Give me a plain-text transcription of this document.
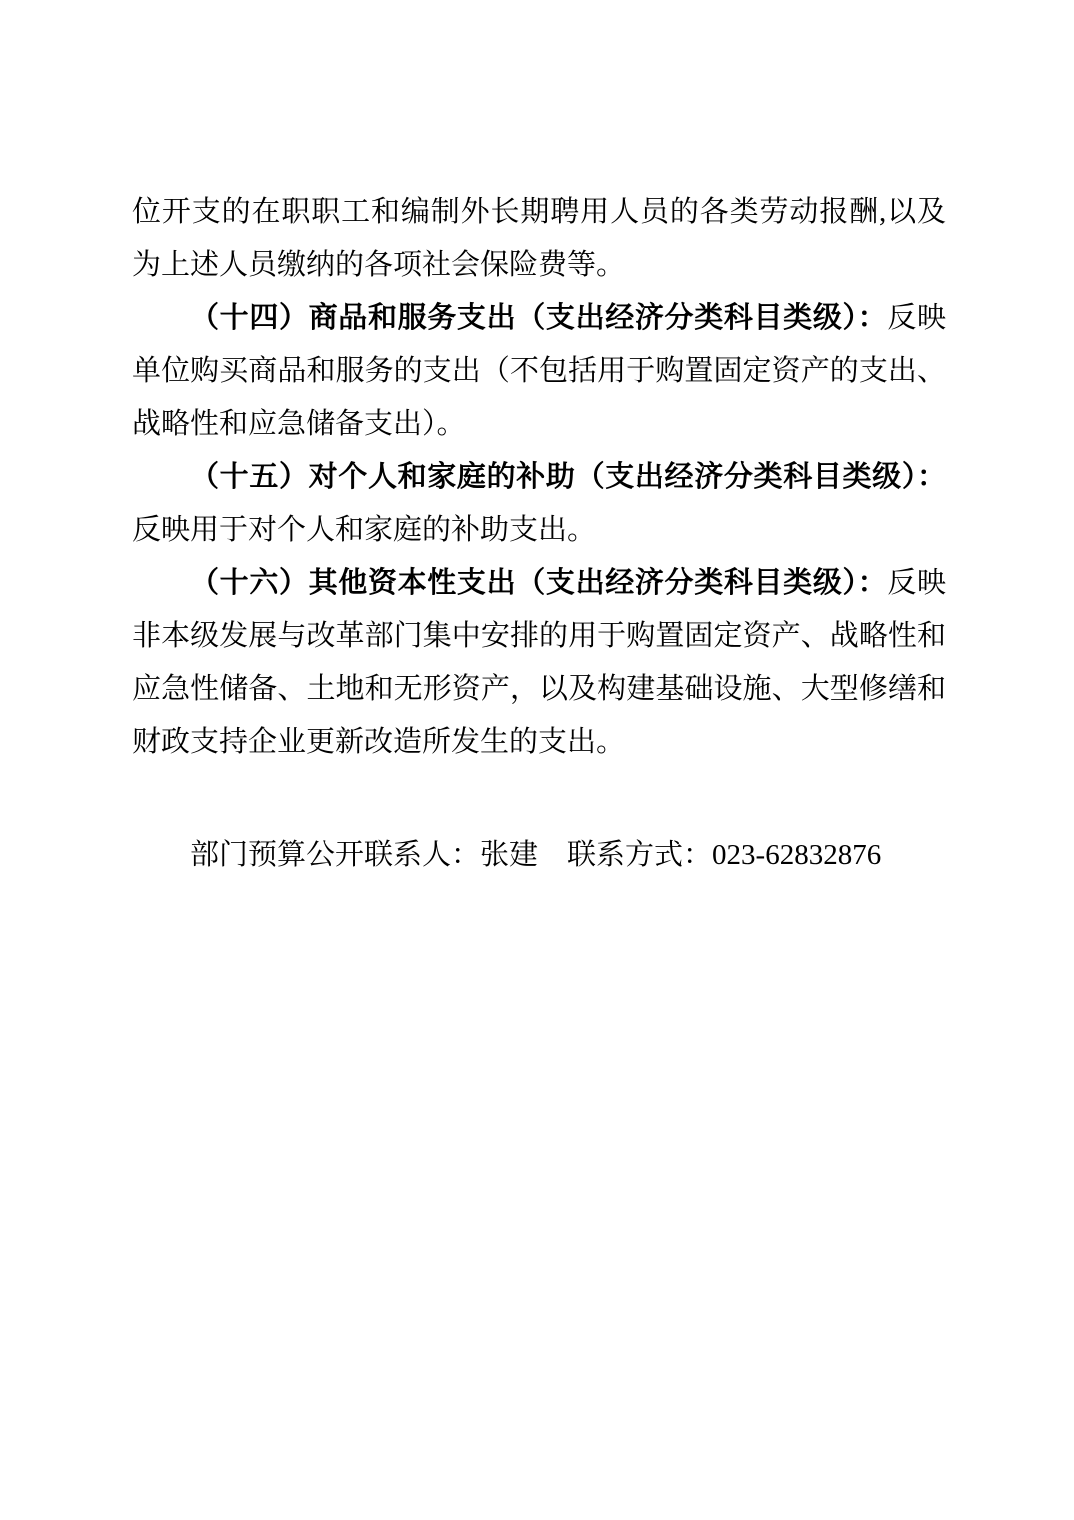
位开支的在职职工和编制外长期聘用人员的各类劳动报酬,以及
为上述人员缴纳的各项社会保险费等。
（十四）商品和服务支出（支出经济分类科目类级）：反映
单位购买商品和服务的支出（不包括用于购置固定资产的支出、
战略性和应急储备支出）。
（十五）对个人和家庭的补助（支出经济分类科目类级）：
反映用于对个人和家庭的补助支出。
（十六）其他资本性支出（支出经济分类科目类级）：反映
非本级发展与改革部门集中安排的用于购置固定资产、战略性和
应急性储备、土地和无形资产，以及构建基础设施、大型修缮和
财政支持企业更新改造所发生的支出。
部门预算公开联系人：张建　 联系方式：023-62832876
